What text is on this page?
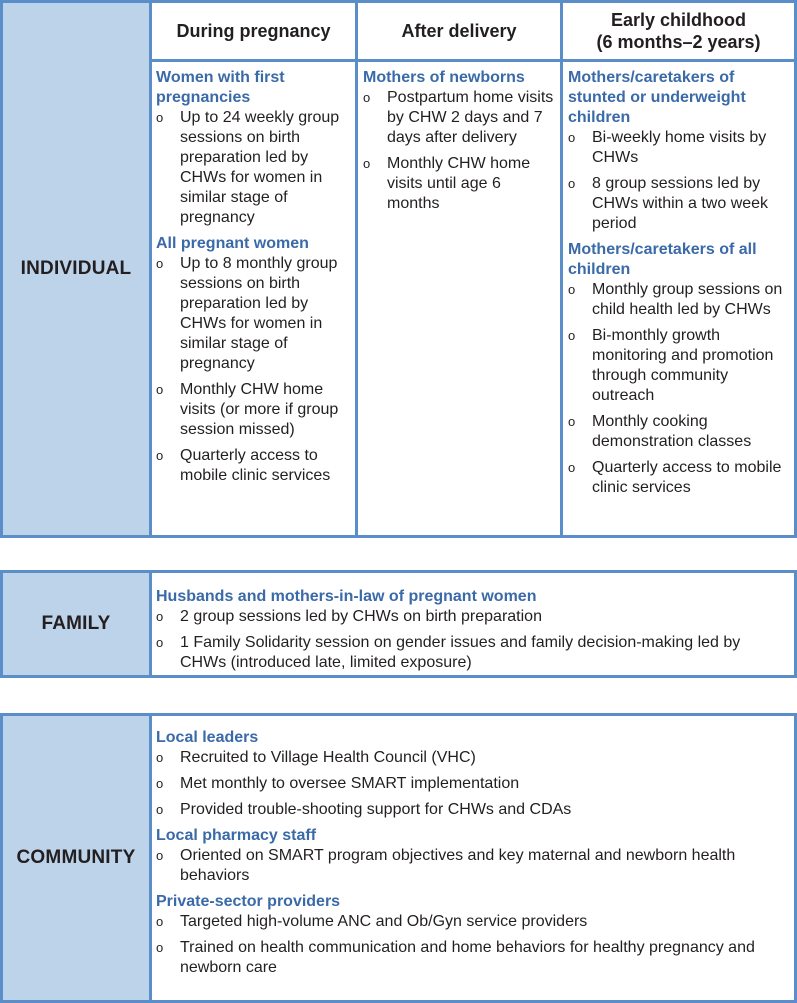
INDIVIDUAL
During pregnancy	After delivery
Early childhood
(6 months–2 years)

Women with first pregnancies

o Up to 24 weekly group sessions on birth preparation led by CHWs for women in similar stage of pregnancy

All pregnant women

o Up to 8 monthly group sessions on birth preparation led by CHWs for women in similar stage of pregnancy
o Monthly CHW home visits (or more if group session missed)
o Quarterly access to mobile clinic services

Mothers of newborns

o Postpartum home visits by CHW 2 days and 7 days after delivery
o Monthly CHW home visits until age 6 months

Mothers/caretakers of stunted or underweight children

o Bi-weekly home visits by CHWs
o 8 group sessions led by CHWs within a two week period

Mothers/caretakers of all children

o Monthly group sessions on child health led by CHWs
o Bi-monthly growth monitoring and promotion through community outreach
o Monthly cooking demonstration classes
o Quarterly access to mobile clinic services
FAMILY

Husbands and mothers-in-law of pregnant women

o 2 group sessions led by CHWs on birth preparation
o 1 Family Solidarity session on gender issues and family decision-making led by CHWs (introduced late, limited exposure)
COMMUNITY

Local leaders

o Recruited to Village Health Council (VHC)
o Met monthly to oversee SMART implementation
o Provided trouble-shooting support for CHWs and CDAs

Local pharmacy staff

o Oriented on SMART program objectives and key maternal and newborn health behaviors

Private-sector providers

o Targeted high-volume ANC and Ob/Gyn service providers
o Trained on health communication and home behaviors for healthy pregnancy and newborn care
